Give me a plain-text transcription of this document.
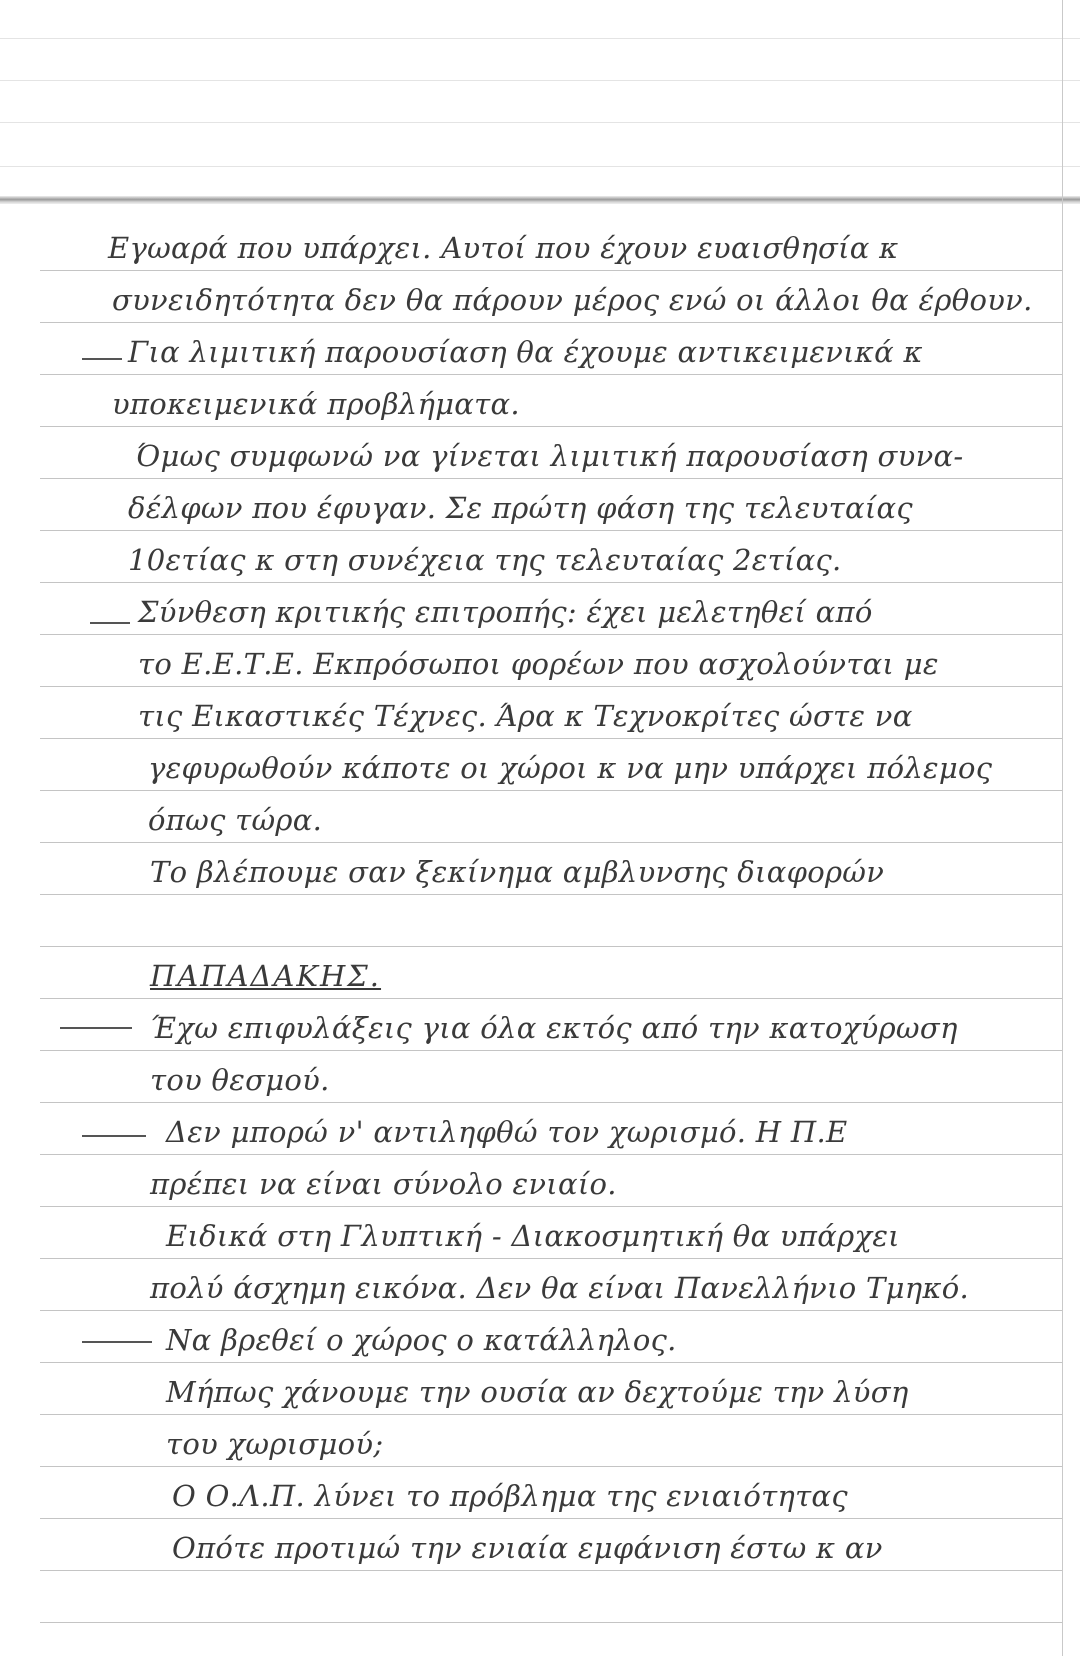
Εγωαρά που υπάρχει. Αυτοί που έχουν ευαισθησία κ
συνειδητότητα δεν θα πάρουν μέρος ενώ οι άλλοι θα έρθουν.
Για λιμιτική παρουσίαση θα έχουμε αντικειμενικά κ
υποκειμενικά προβλήματα.
Όμως συμφωνώ να γίνεται λιμιτική παρουσίαση συνα-
δέλφων που έφυγαν. Σε πρώτη φάση της τελευταίας
10ετίας κ στη συνέχεια της τελευταίας 2ετίας.
Σύνθεση κριτικής επιτροπής: έχει μελετηθεί από
το Ε.Ε.Τ.Ε. Εκπρόσωποι φορέων που ασχολούνται με
τις Εικαστικές Τέχνες. Άρα κ Τεχνοκρίτες ώστε να
γεφυρωθούν κάποτε οι χώροι κ να μην υπάρχει πόλεμος
όπως τώρα.
Το βλέπουμε σαν ξεκίνημα αμβλυνσης διαφορών
ΠΑΠΑΔΑΚΗΣ.
Έχω επιφυλάξεις για όλα εκτός από την κατοχύρωση
του θεσμού.
Δεν μπορώ ν' αντιληφθώ τον χωρισμό. Η Π.Ε
πρέπει να είναι σύνολο ενιαίο.
Ειδικά στη Γλυπτική - Διακοσμητική θα υπάρχει
πολύ άσχημη εικόνα. Δεν θα είναι Πανελλήνιο Τμηκό.
Να βρεθεί ο χώρος ο κατάλληλος.
Μήπως χάνουμε την ουσία αν δεχτούμε την λύση
του χωρισμού;
Ο Ο.Λ.Π. λύνει το πρόβλημα της ενιαιότητας
Οπότε προτιμώ την ενιαία εμφάνιση έστω κ αν
